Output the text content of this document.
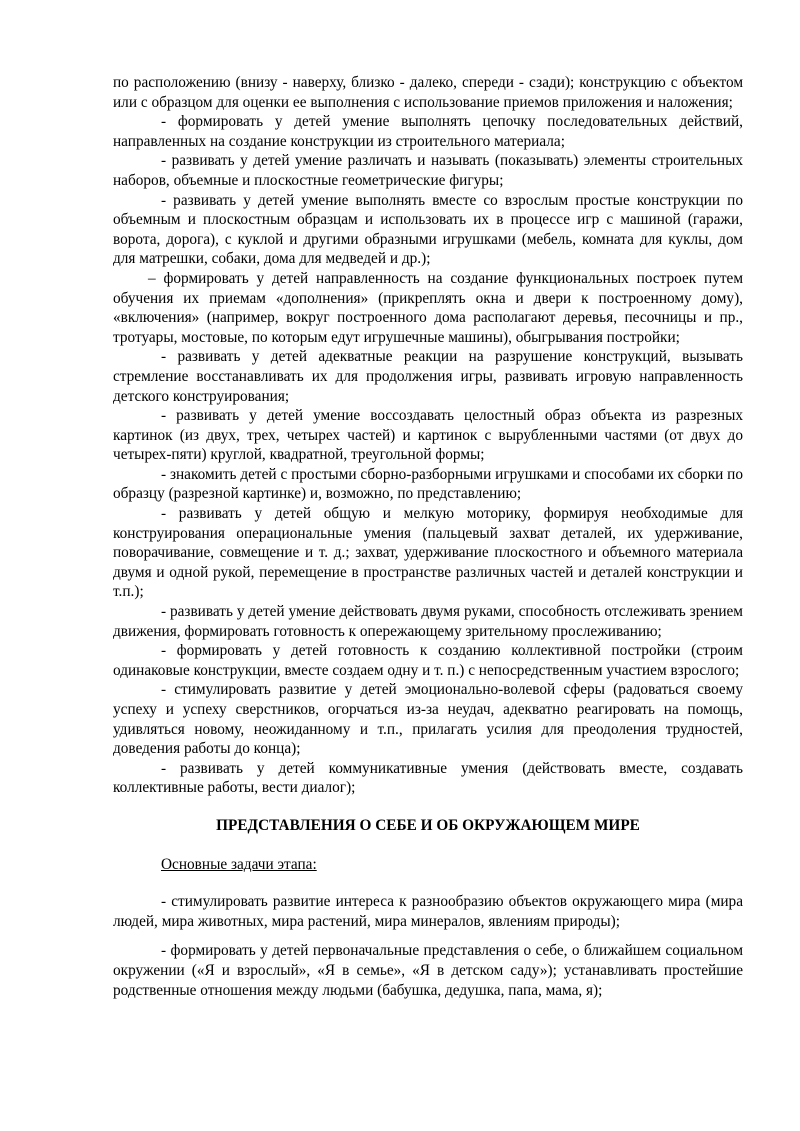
по расположению (внизу - наверху, близко - далеко, спереди - сзади); конструкцию с объектом или с образцом для оценки ее выполнения с использование приемов приложения и наложения;

- формировать у детей умение выполнять цепочку последовательных действий, направленных на создание конструкции из строительного материала;

- развивать у детей умение различать и называть (показывать) элементы строительных наборов, объемные и плоскостные геометрические фигуры;

- развивать у детей умение выполнять вместе со взрослым простые конструкции по объемным и плоскостным образцам и использовать их в процессе игр с машиной (гаражи, ворота, дорога), с куклой и другими образными игрушками (мебель, комната для куклы, дом для матрешки, собаки, дома для медведей и др.);

– формировать у детей направленность на создание функциональных построек путем обучения их приемам «дополнения» (прикреплять окна и двери к построенному дому), «включения» (например, вокруг построенного дома располагают деревья, песочницы и пр., тротуары, мостовые, по которым едут игрушечные машины), обыгрывания постройки;

- развивать у детей адекватные реакции на разрушение конструкций, вызывать стремление восстанавливать их для продолжения игры, развивать игровую направленность детского конструирования;

- развивать у детей умение воссоздавать целостный образ объекта из разрезных картинок (из двух, трех, четырех частей) и картинок с вырубленными частями (от двух до четырех-пяти) круглой, квадратной, треугольной формы;

- знакомить детей с простыми сборно-разборными игрушками и способами их сборки по образцу (разрезной картинке) и, возможно, по представлению;

- развивать у детей общую и мелкую моторику, формируя необходимые для конструирования операциональные умения (пальцевый захват деталей, их удерживание, поворачивание, совмещение и т. д.; захват, удерживание плоскостного и объемного материала двумя и одной рукой, перемещение в пространстве различных частей и деталей конструкции и т.п.);

- развивать у детей умение действовать двумя руками, способность отслеживать зрением движения, формировать готовность к опережающему зрительному прослеживанию;

- формировать у детей готовность к созданию коллективной постройки (строим одинаковые конструкции, вместе создаем одну и т. п.) с непосредственным участием взрослого;

- стимулировать развитие у детей эмоционально-волевой сферы (радоваться своему успеху и успеху сверстников, огорчаться из-за неудач, адекватно реагировать на помощь, удивляться новому, неожиданному и т.п., прилагать усилия для преодоления трудностей, доведения работы до конца);

- развивать у детей коммуникативные умения (действовать вместе, создавать коллективные работы, вести диалог);

ПРЕДСТАВЛЕНИЯ О СЕБЕ И ОБ ОКРУЖАЮЩЕМ МИРЕ

Основные задачи этапа:

- стимулировать развитие интереса к разнообразию объектов окружающего мира (мира людей, мира животных, мира растений, мира минералов, явлениям природы);

- формировать у детей первоначальные представления о себе, о ближайшем социальном окружении («Я и взрослый», «Я в семье», «Я в детском саду»); устанавливать простейшие родственные отношения между людьми (бабушка, дедушка, папа, мама, я);
